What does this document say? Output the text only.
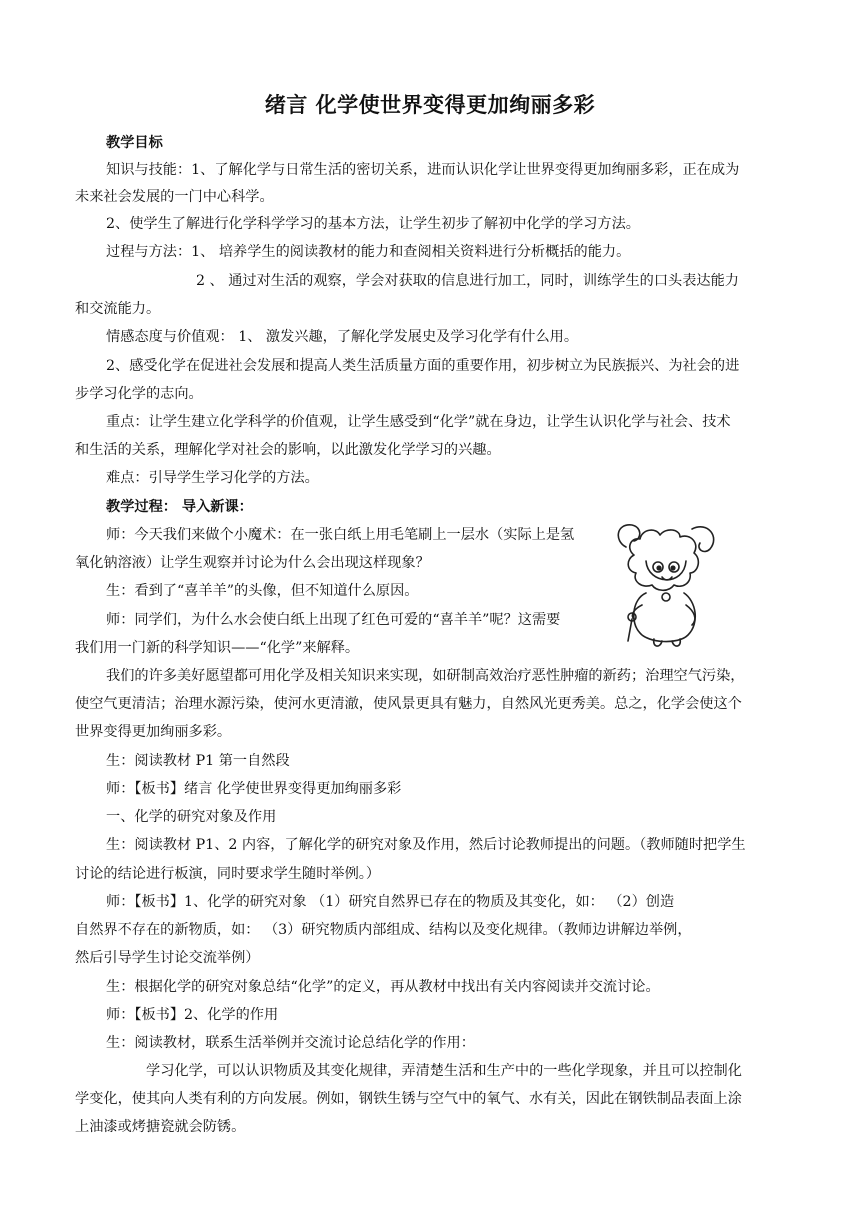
绪言 化学使世界变得更加绚丽多彩
教学目标
知识与技能：1、了解化学与日常生活的密切关系，进而认识化学让世界变得更加绚丽多彩，正在成为
未来社会发展的一门中心科学。
2、使学生了解进行化学科学学习的基本方法，让学生初步了解初中化学的学习方法。
过程与方法：1、 培养学生的阅读教材的能力和查阅相关资料进行分析概括的能力。
2 、 通过对生活的观察，学会对获取的信息进行加工，同时，训练学生的口头表达能力
和交流能力。
情感态度与价值观： 1、 激发兴趣，了解化学发展史及学习化学有什么用。
2、感受化学在促进社会发展和提高人类生活质量方面的重要作用，初步树立为民族振兴、为社会的进
步学习化学的志向。
重点：让学生建立化学科学的价值观，让学生感受到“化学”就在身边，让学生认识化学与社会、技术
和生活的关系，理解化学对社会的影响，以此激发化学学习的兴趣。
难点：引导学生学习化学的方法。
教学过程： 导入新课：
师：今天我们来做个小魔术：在一张白纸上用毛笔刷上一层水（实际上是氢
氧化钠溶液）让学生观察并讨论为什么会出现这样现象？
生：看到了“喜羊羊”的头像，但不知道什么原因。
师：同学们，为什么水会使白纸上出现了红色可爱的“喜羊羊”呢？这需要
我们用一门新的科学知识——“化学”来解释。
我们的许多美好愿望都可用化学及相关知识来实现，如研制高效治疗恶性肿瘤的新药；治理空气污染，
使空气更清洁；治理水源污染，使河水更清澈，使风景更具有魅力，自然风光更秀美。总之，化学会使这个
世界变得更加绚丽多彩。
生：阅读教材 P1 第一自然段
师：【板书】绪言 化学使世界变得更加绚丽多彩
一、化学的研究对象及作用
生：阅读教材 P1、2 内容，了解化学的研究对象及作用，然后讨论教师提出的问题。（教师随时把学生
讨论的结论进行板演，同时要求学生随时举例。）
师：【板书】1、化学的研究对象 （1）研究自然界已存在的物质及其变化，如： （2）创造
自然界不存在的新物质，如： （3）研究物质内部组成、结构以及变化规律。（教师边讲解边举例，
然后引导学生讨论交流举例）
生：根据化学的研究对象总结“化学”的定义，再从教材中找出有关内容阅读并交流讨论。
师：【板书】2、化学的作用
生：阅读教材，联系生活举例并交流讨论总结化学的作用：
学习化学，可以认识物质及其变化规律，弄清楚生活和生产中的一些化学现象，并且可以控制化
学变化，使其向人类有利的方向发展。例如，钢铁生锈与空气中的氧气、水有关，因此在钢铁制品表面上涂
上油漆或烤搪瓷就会防锈。
